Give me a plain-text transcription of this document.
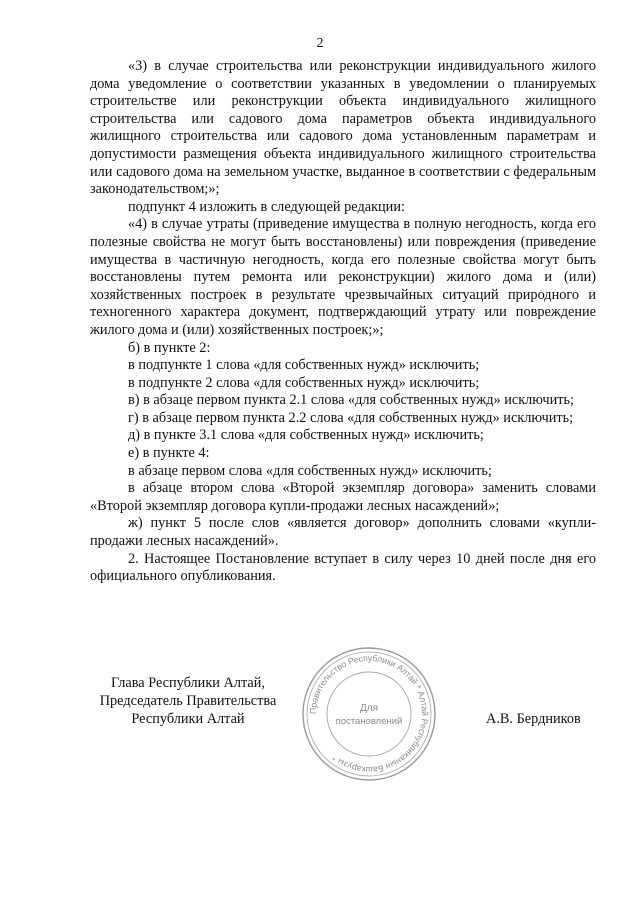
2

«3) в случае строительства или реконструкции индивидуального жилого дома уведомление о соответствии указанных в уведомлении о планируемых строительстве или реконструкции объекта индивидуального жилищного строительства или садового дома параметров объекта индивидуального жилищного строительства или садового дома установленным параметрам и допустимости размещения объекта индивидуального жилищного строительства или садового дома на земельном участке, выданное в соответствии с федеральным законодательством;»;

подпункт 4 изложить в следующей редакции:

«4) в случае утраты (приведение имущества в полную негодность, когда его полезные свойства не могут быть восстановлены) или повреждения (приведение имущества в частичную негодность, когда его полезные свойства могут быть восстановлены путем ремонта или реконструкции) жилого дома и (или) хозяйственных построек в результате чрезвычайных ситуаций природного и техногенного характера документ, подтверждающий утрату или повреждение жилого дома и (или) хозяйственных построек;»;

б) в пункте 2:

в подпункте 1 слова «для собственных нужд» исключить;

в подпункте 2 слова «для собственных нужд» исключить;

в) в абзаце первом пункта 2.1 слова «для собственных нужд» исключить;

г) в абзаце первом пункта 2.2 слова «для собственных нужд» исключить;

д) в пункте 3.1 слова «для собственных нужд» исключить;

е) в пункте 4:

в абзаце первом слова «для собственных нужд» исключить;

в абзаце втором слова «Второй экземпляр договора» заменить словами «Второй экземпляр договора купли-продажи лесных насаждений»;

ж) пункт 5 после слов «является договор» дополнить словами «купли-продажи лесных насаждений».

2. Настоящее Постановление вступает в силу через 10 дней после дня его официального опубликования.

Глава Республики Алтай,
Председатель Правительства
Республики Алтай
Правительство Республики Алтай * Алтай Республиканын Башкарузы *
Для
постановлений	А.В. Бердников
